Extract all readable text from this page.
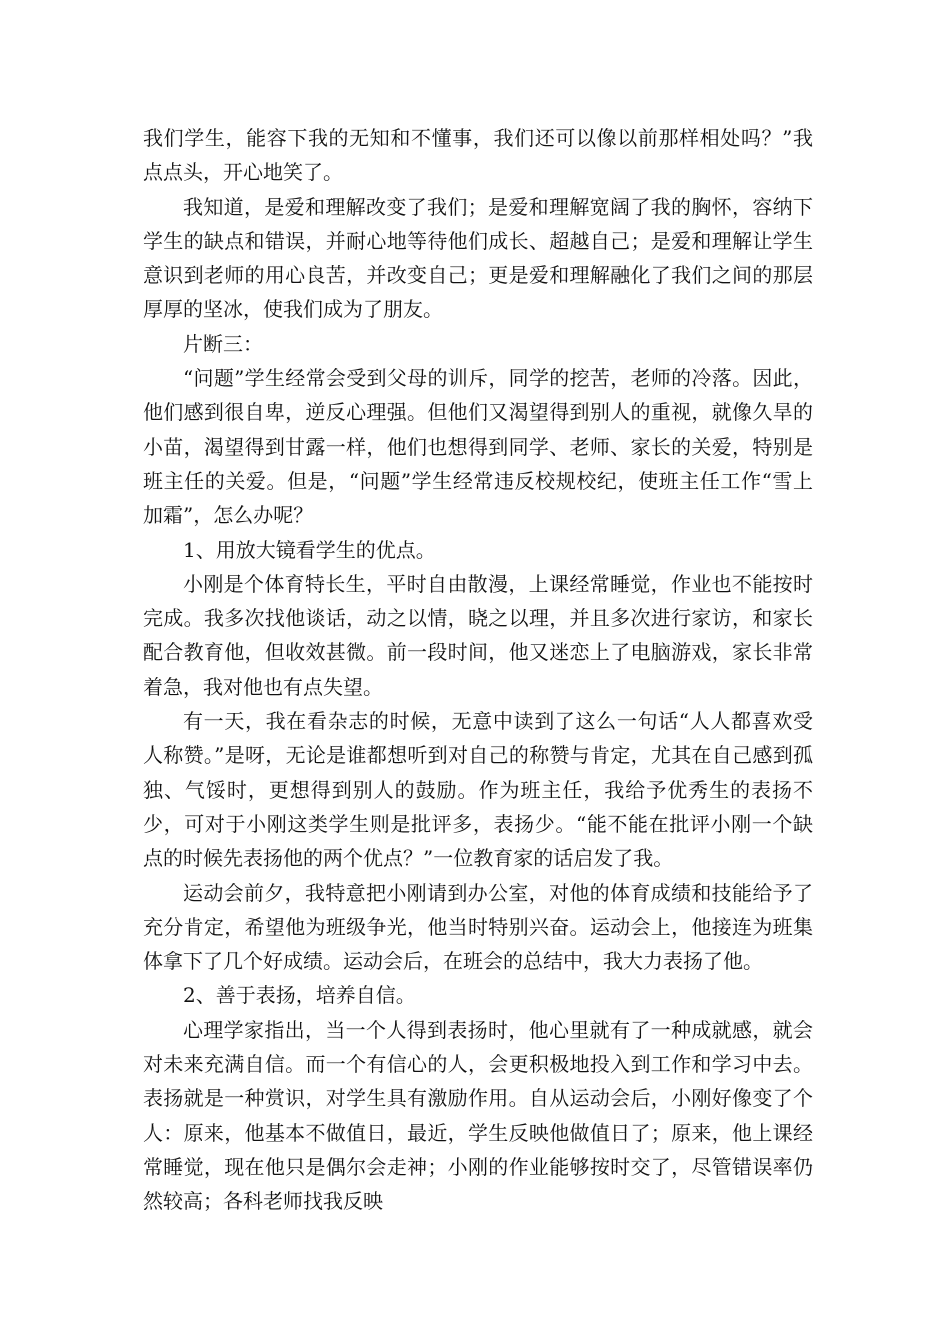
我们学生，能容下我的无知和不懂事，我们还可以像以前那样相处吗？”我点点头，开心地笑了。

我知道，是爱和理解改变了我们；是爱和理解宽阔了我的胸怀，容纳下学生的缺点和错误，并耐心地等待他们成长、超越自己；是爱和理解让学生意识到老师的用心良苦，并改变自己；更是爱和理解融化了我们之间的那层厚厚的坚冰，使我们成为了朋友。

片断三：

“问题”学生经常会受到父母的训斥，同学的挖苦，老师的冷落。因此，他们感到很自卑，逆反心理强。但他们又渴望得到别人的重视，就像久旱的小苗，渴望得到甘露一样，他们也想得到同学、老师、家长的关爱，特别是班主任的关爱。但是，“问题”学生经常违反校规校纪，使班主任工作“雪上加霜”，怎么办呢？

1、用放大镜看学生的优点。

小刚是个体育特长生，平时自由散漫，上课经常睡觉，作业也不能按时完成。我多次找他谈话，动之以情，晓之以理，并且多次进行家访，和家长配合教育他，但收效甚微。前一段时间，他又迷恋上了电脑游戏，家长非常着急，我对他也有点失望。

有一天，我在看杂志的时候，无意中读到了这么一句话“人人都喜欢受人称赞。”是呀，无论是谁都想听到对自己的称赞与肯定，尤其在自己感到孤独、气馁时，更想得到别人的鼓励。作为班主任，我给予优秀生的表扬不少，可对于小刚这类学生则是批评多，表扬少。“能不能在批评小刚一个缺点的时候先表扬他的两个优点？”一位教育家的话启发了我。

运动会前夕，我特意把小刚请到办公室，对他的体育成绩和技能给予了充分肯定，希望他为班级争光，他当时特别兴奋。运动会上，他接连为班集体拿下了几个好成绩。运动会后，在班会的总结中，我大力表扬了他。

2、善于表扬，培养自信。

心理学家指出，当一个人得到表扬时，他心里就有了一种成就感，就会对未来充满自信。而一个有信心的人，会更积极地投入到工作和学习中去。表扬就是一种赏识，对学生具有激励作用。自从运动会后，小刚好像变了个人：原来，他基本不做值日，最近，学生反映他做值日了；原来，他上课经常睡觉，现在他只是偶尔会走神；小刚的作业能够按时交了，尽管错误率仍然较高；各科老师找我反映
